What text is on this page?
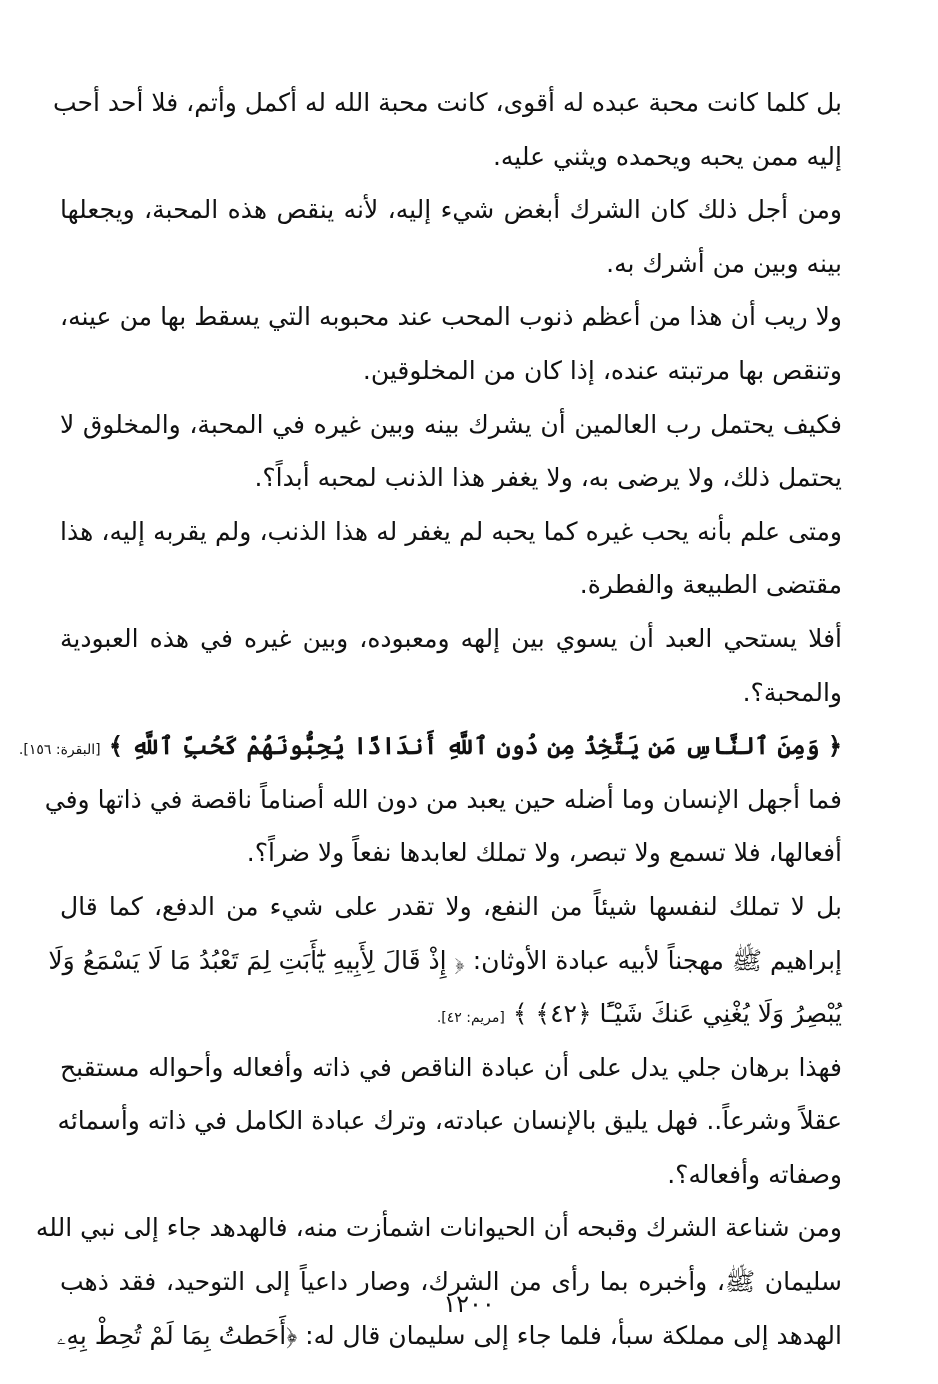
بل كلما كانت محبة عبده له أقوى، كانت محبة الله له أكمل وأتم، فلا أحد أحب
إليه ممن يحبه ويحمده ويثني عليه.
ومن أجل ذلك كان الشرك أبغض شيء إليه، لأنه ينقص هذه المحبة، ويجعلها
بينه وبين من أشرك به.
ولا ريب أن هذا من أعظم ذنوب المحب عند محبوبه التي يسقط بها من عينه،
وتنقص بها مرتبته عنده، إذا كان من المخلوقين.
فكيف يحتمل رب العالمين أن يشرك بينه وبين غيره في المحبة، والمخلوق لا
يحتمل ذلك، ولا يرضى به، ولا يغفر هذا الذنب لمحبه أبداً؟.
ومتى علم بأنه يحب غيره كما يحبه لم يغفر له هذا الذنب، ولم يقربه إليه، هذا
مقتضى الطبيعة والفطرة.
أفلا يستحي العبد أن يسوي بين إلهه ومعبوده، وبين غيره في هذه العبودية
والمحبة؟.
﴿ وَمِنَ ٱلنَّاسِ مَن يَتَّخِذُ مِن دُونِ ٱللَّهِ أَندَادًا يُحِبُّونَهُمْ كَحُبِّ ٱللَّهِ ﴾ [البقرة: ١٥٦].
فما أجهل الإنسان وما أضله حين يعبد من دون الله أصناماً ناقصة في ذاتها وفي
أفعالها، فلا تسمع ولا تبصر، ولا تملك لعابدها نفعاً ولا ضراً؟.
بل لا تملك لنفسها شيئاً من النفع، ولا تقدر على شيء من الدفع، كما قال
إبراهيم ﷺ مهجناً لأبيه عبادة الأوثان: ﴿ إِذْ قَالَ لِأَبِيهِ يَٰٓأَبَتِ لِمَ تَعْبُدُ مَا لَا يَسْمَعُ وَلَا
يُبْصِرُ وَلَا يُغْنِي عَنكَ شَيْـًٔا ﴿٤٢﴾ ﴾ [مريم: ٤٢].
فهذا برهان جلي يدل على أن عبادة الناقص في ذاته وأفعاله وأحواله مستقبح
عقلاً وشرعاً.. فهل يليق بالإنسان عبادته، وترك عبادة الكامل في ذاته وأسمائه
وصفاته وأفعاله؟.
ومن شناعة الشرك وقبحه أن الحيوانات اشمأزت منه، فالهدهد جاء إلى نبي الله
سليمان ﷺ، وأخبره بما رأى من الشرك، وصار داعياً إلى التوحيد، فقد ذهب
الهدهد إلى مملكة سبأ، فلما جاء إلى سليمان قال له: ﴿أَحَطتُ بِمَا لَمْ تُحِطْ بِهِۦ
١٢٠٠
